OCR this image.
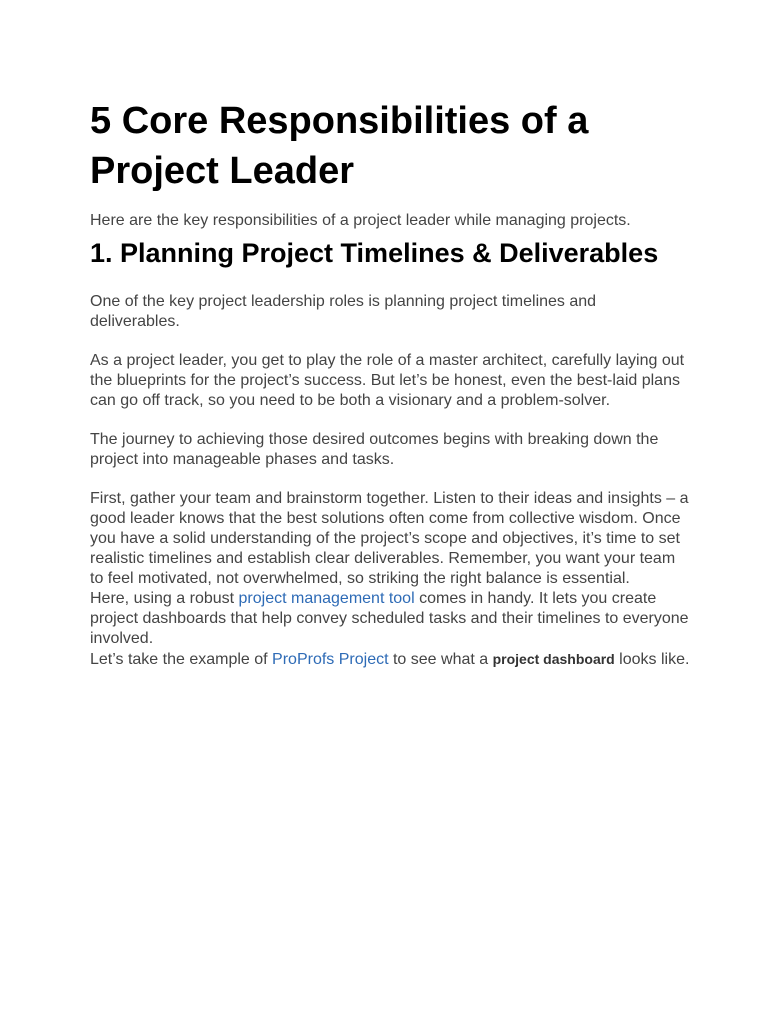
5 Core Responsibilities of a Project Leader

Here are the key responsibilities of a project leader while managing projects.

1. Planning Project Timelines & Deliverables

One of the key project leadership roles is planning project timelines and deliverables.

As a project leader, you get to play the role of a master architect, carefully laying out the blueprints for the project’s success. But let’s be honest, even the best-laid plans can go off track, so you need to be both a visionary and a problem-solver.

The journey to achieving those desired outcomes begins with breaking down the project into manageable phases and tasks.

First, gather your team and brainstorm together. Listen to their ideas and insights – a good leader knows that the best solutions often come from collective wisdom. Once you have a solid understanding of the project’s scope and objectives, it’s time to set realistic timelines and establish clear deliverables. Remember, you want your team to feel motivated, not overwhelmed, so striking the right balance is essential.

Here, using a robust project management tool comes in handy. It lets you create project dashboards that help convey scheduled tasks and their timelines to everyone involved.

Let’s take the example of ProProfs Project to see what a project dashboard looks like.
